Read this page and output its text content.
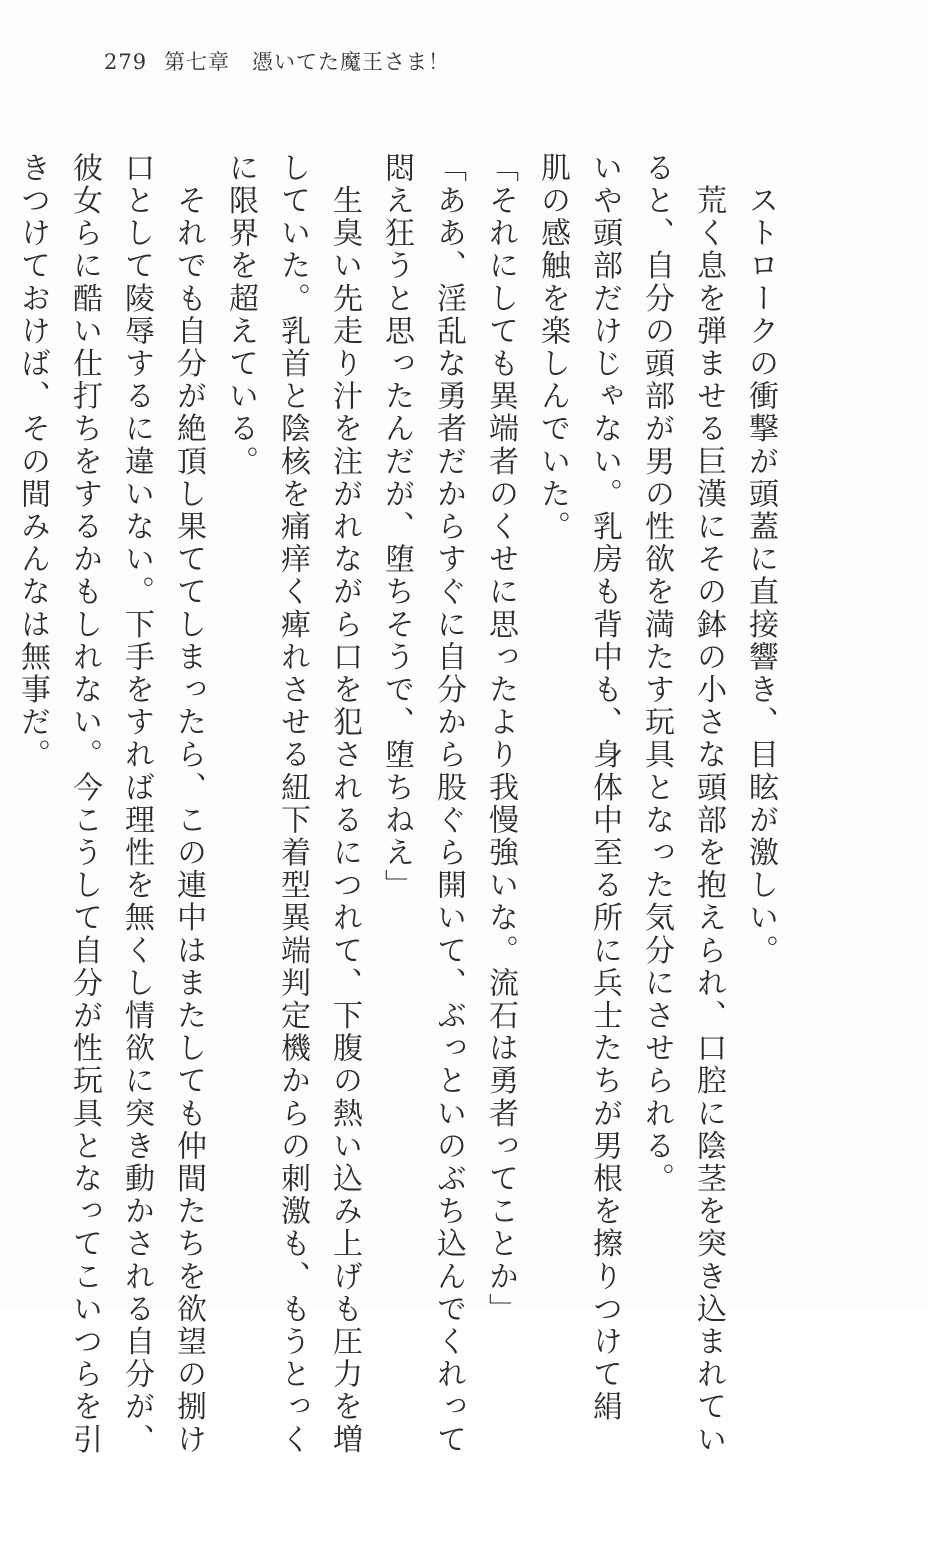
279 第七章　憑いてた魔王さま！
　ストロークの衝撃が頭蓋に直接響き、目眩が激しい。
　荒く息を弾ませる巨漢にその鉢の小さな頭部を抱えられ、口腔に陰茎を突き込まれてい
ると、自分の頭部が男の性欲を満たす玩具となった気分にさせられる。
いや頭部だけじゃない。乳房も背中も、身体中至る所に兵士たちが男根を擦りつけて絹
肌の感触を楽しんでいた。
「それにしても異端者のくせに思ったより我慢強いな。流石は勇者ってことか」
「ああ、淫乱な勇者だからすぐに自分から股ぐら開いて、ぶっといのぶち込んでくれって
悶え狂うと思ったんだが、堕ちそうで、堕ちねえ」
　生臭い先走り汁を注がれながら口を犯されるにつれて、下腹の熱い込み上げも圧力を増
していた。乳首と陰核を痛痒く痺れさせる紐下着型異端判定機からの刺激も、もうとっく
に限界を超えている。
　それでも自分が絶頂し果ててしまったら、この連中はまたしても仲間たちを欲望の捌け
口として陵辱するに違いない。下手をすれば理性を無くし情欲に突き動かされる自分が、
彼女らに酷い仕打ちをするかもしれない。今こうして自分が性玩具となってこいつらを引
きつけておけば、その間みんなは無事だ。
